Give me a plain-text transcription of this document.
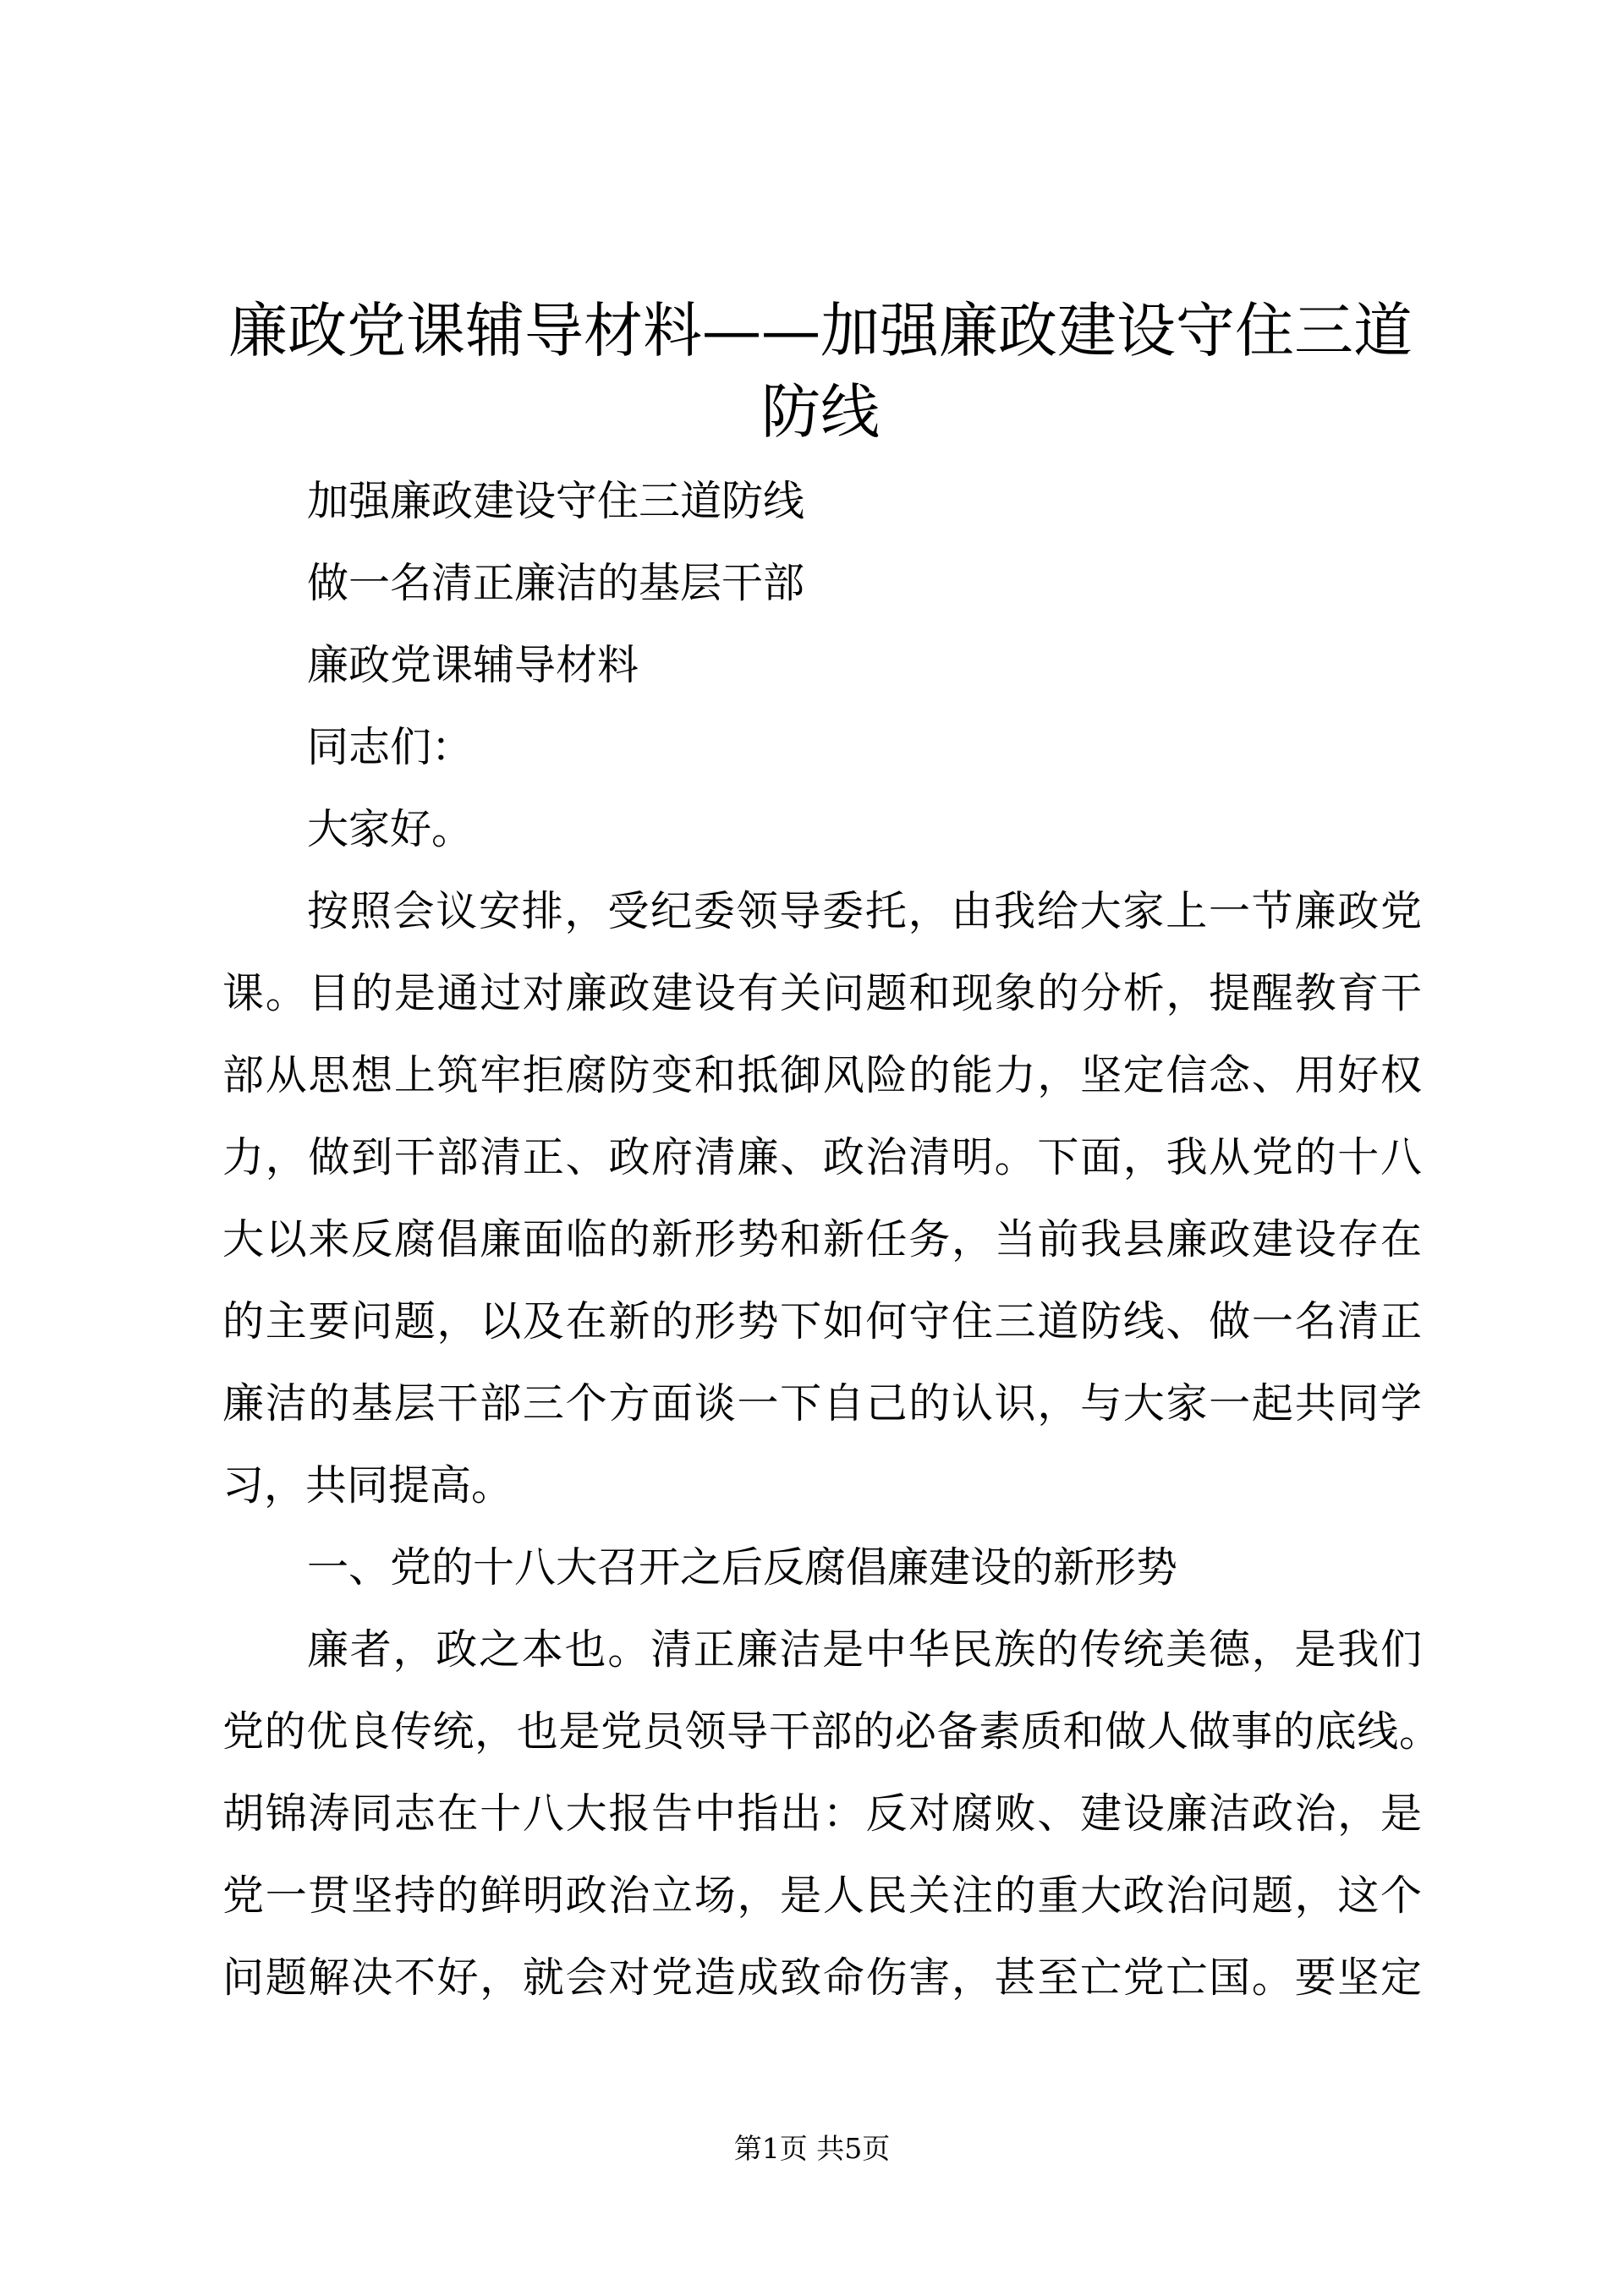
廉政党课辅导材料——加强廉政建设守住三道
防线
加强廉政建设守住三道防线
做一名清正廉洁的基层干部
廉政党课辅导材料
同志们：
大家好。
按照会议安排，受纪委领导委托，由我给大家上一节廉政党
课。目的是通过对廉政建设有关问题和现象的分析，提醒教育干
部从思想上筑牢拒腐防变和抵御风险的能力，坚定信念、用好权
力，做到干部清正、政府清廉、政治清明。下面，我从党的十八
大以来反腐倡廉面临的新形势和新任务，当前我县廉政建设存在
的主要问题，以及在新的形势下如何守住三道防线、做一名清正
廉洁的基层干部三个方面谈一下自己的认识，与大家一起共同学
习，共同提高。
一、党的十八大召开之后反腐倡廉建设的新形势
廉者，政之本也。清正廉洁是中华民族的传统美德，是我们
党的优良传统，也是党员领导干部的必备素质和做人做事的底线。
胡锦涛同志在十八大报告中指出：反对腐败、建设廉洁政治，是
党一贯坚持的鲜明政治立场，是人民关注的重大政治问题，这个
问题解决不好，就会对党造成致命伤害，甚至亡党亡国。要坚定
第1页 共5页
